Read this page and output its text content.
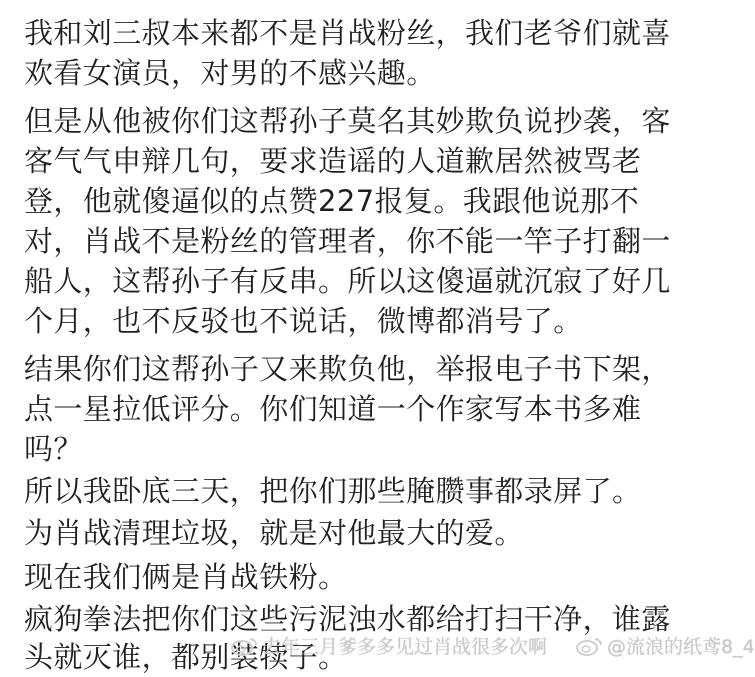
我和刘三叔本来都不是肖战粉丝，我们老爷们就喜
欢看女演员，对男的不感兴趣。
但是从他被你们这帮孙子莫名其妙欺负说抄袭，客
客气气申辩几句，要求造谣的人道歉居然被骂老
登，他就傻逼似的点赞227报复。我跟他说那不
对，肖战不是粉丝的管理者，你不能一竿子打翻一
船人，这帮孙子有反串。所以这傻逼就沉寂了好几
个月，也不反驳也不说话，微博都消号了。
结果你们这帮孙子又来欺负他，举报电子书下架，
点一星拉低评分。你们知道一个作家写本书多难
吗？
所以我卧底三天，把你们那些腌臜事都录屏了。
为肖战清理垃圾，就是对他最大的爱。
现在我们俩是肖战铁粉。
疯狗拳法把你们这些污泥浊水都给打扫干净，谁露
头就灭谁，都别装犊子。
去年三月爹多多见过肖战很多次啊	@流浪的纸鸢8_4
